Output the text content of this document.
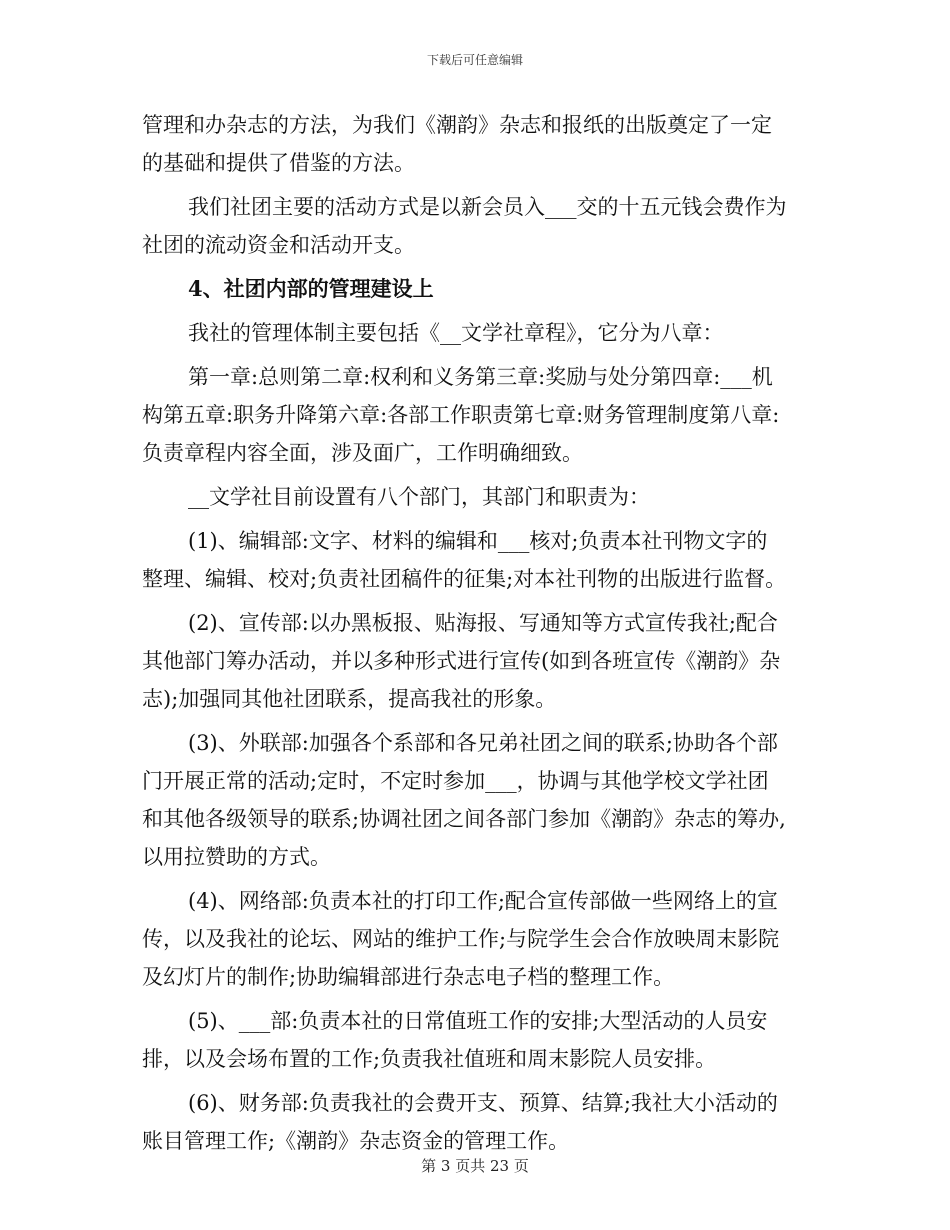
下载后可任意编辑
管理和办杂志的方法，为我们《潮韵》杂志和报纸的出版奠定了一定
的基础和提供了借鉴的方法。
我们社团主要的活动方式是以新会员入___交的十五元钱会费作为
社团的流动资金和活动开支。
4、社团内部的管理建设上
我社的管理体制主要包括《__文学社章程》，它分为八章：
第一章:总则第二章:权利和义务第三章:奖励与处分第四章:___机
构第五章:职务升降第六章:各部工作职责第七章:财务管理制度第八章:
负责章程内容全面，涉及面广，工作明确细致。
__文学社目前设置有八个部门，其部门和职责为：
(1)、编辑部:文字、材料的编辑和___核对;负责本社刊物文字的
整理、编辑、校对;负责社团稿件的征集;对本社刊物的出版进行监督。
(2)、宣传部:以办黑板报、贴海报、写通知等方式宣传我社;配合
其他部门筹办活动，并以多种形式进行宣传(如到各班宣传《潮韵》杂
志);加强同其他社团联系，提高我社的形象。
(3)、外联部:加强各个系部和各兄弟社团之间的联系;协助各个部
门开展正常的活动;定时，不定时参加___，协调与其他学校文学社团
和其他各级领导的联系;协调社团之间各部门参加《潮韵》杂志的筹办,
以用拉赞助的方式。
(4)、网络部:负责本社的打印工作;配合宣传部做一些网络上的宣
传，以及我社的论坛、网站的维护工作;与院学生会合作放映周末影院
及幻灯片的制作;协助编辑部进行杂志电子档的整理工作。
(5)、___部:负责本社的日常值班工作的安排;大型活动的人员安
排，以及会场布置的工作;负责我社值班和周末影院人员安排。
(6)、财务部:负责我社的会费开支、预算、结算;我社大小活动的
账目管理工作;《潮韵》杂志资金的管理工作。
第 3 页共 23 页
